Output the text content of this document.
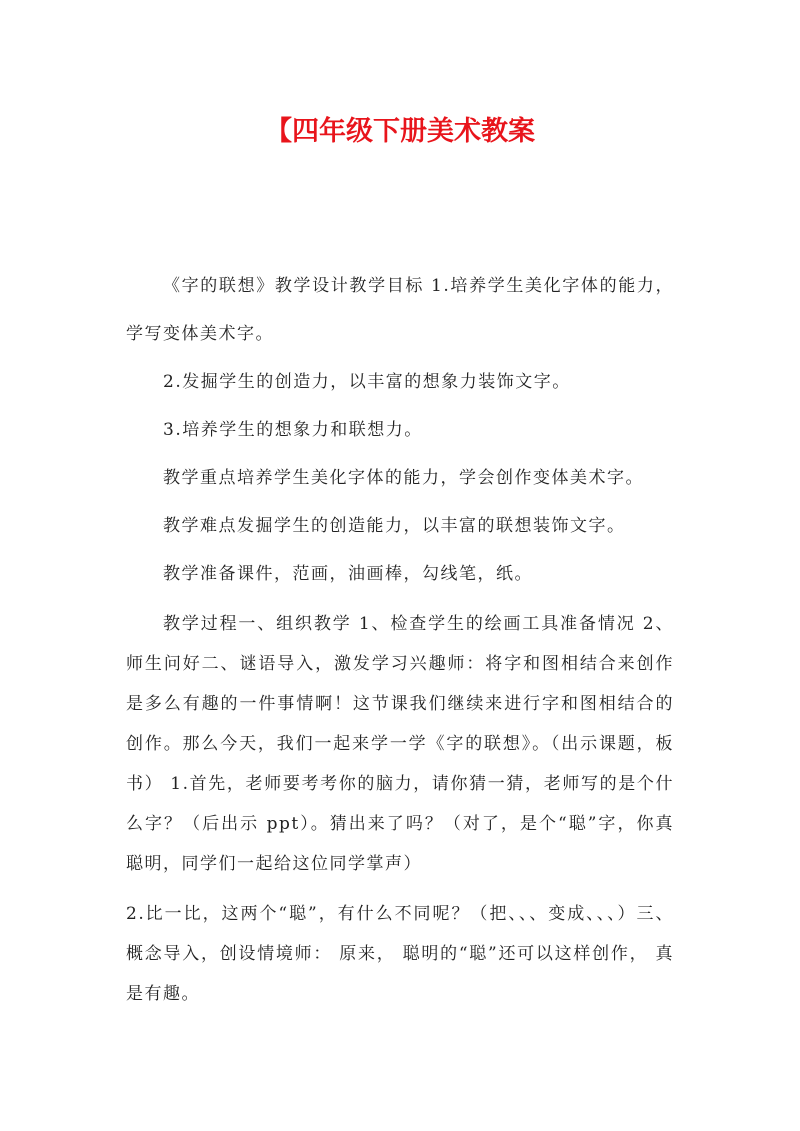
【四年级下册美术教案

《字的联想》教学设计教学目标 1.培养学生美化字体的能力，学写变体美术字。

2.发掘学生的创造力，以丰富的想象力装饰文字。

3.培养学生的想象力和联想力。

教学重点培养学生美化字体的能力，学会创作变体美术字。

教学难点发掘学生的创造能力，以丰富的联想装饰文字。

教学准备课件，范画，油画棒，勾线笔，纸。

教学过程一、组织教学 1、检查学生的绘画工具准备情况 2、师生问好二、谜语导入，激发学习兴趣师：将字和图相结合来创作是多么有趣的一件事情啊！这节课我们继续来进行字和图相结合的创作。那么今天，我们一起来学一学《字的联想》。（出示课题，板书） 1.首先，老师要考考你的脑力，请你猜一猜，老师写的是个什么字？（后出示 ppt）。猜出来了吗？（对了，是个“聪”字，你真聪明，同学们一起给这位同学掌声）

2.比一比，这两个“聪”，有什么不同呢？（把、、、变成、、、）三、概念导入，创设情境师： 原来， 聪明的“聪”还可以这样创作， 真是有趣。
